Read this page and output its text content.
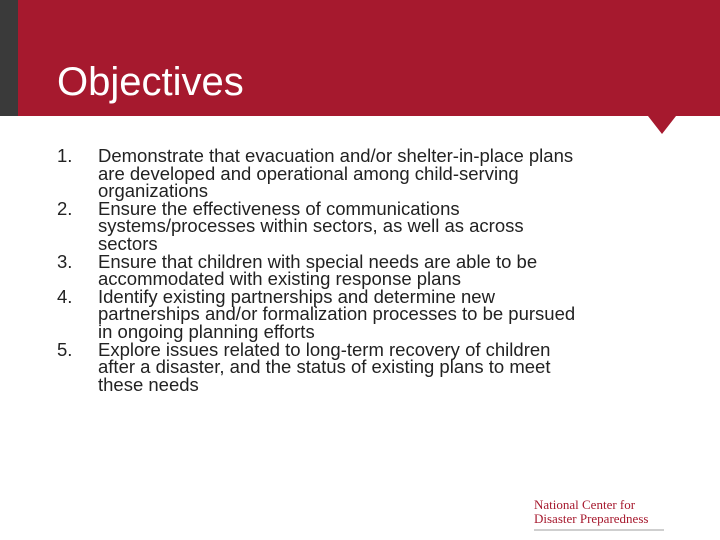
Objectives
1. Demonstrate that evacuation and/or shelter-in-place plans
are developed and operational among child-serving
organizations
2. Ensure the effectiveness of communications
systems/processes within sectors, as well as across
sectors
3. Ensure that children with special needs are able to be
accommodated with existing response plans
4. Identify existing partnerships and determine new
partnerships and/or formalization processes to be pursued
in ongoing planning efforts
5. Explore issues related to long-term recovery of children
after a disaster, and the status of existing plans to meet
these needs
National Center for
Disaster Preparedness
